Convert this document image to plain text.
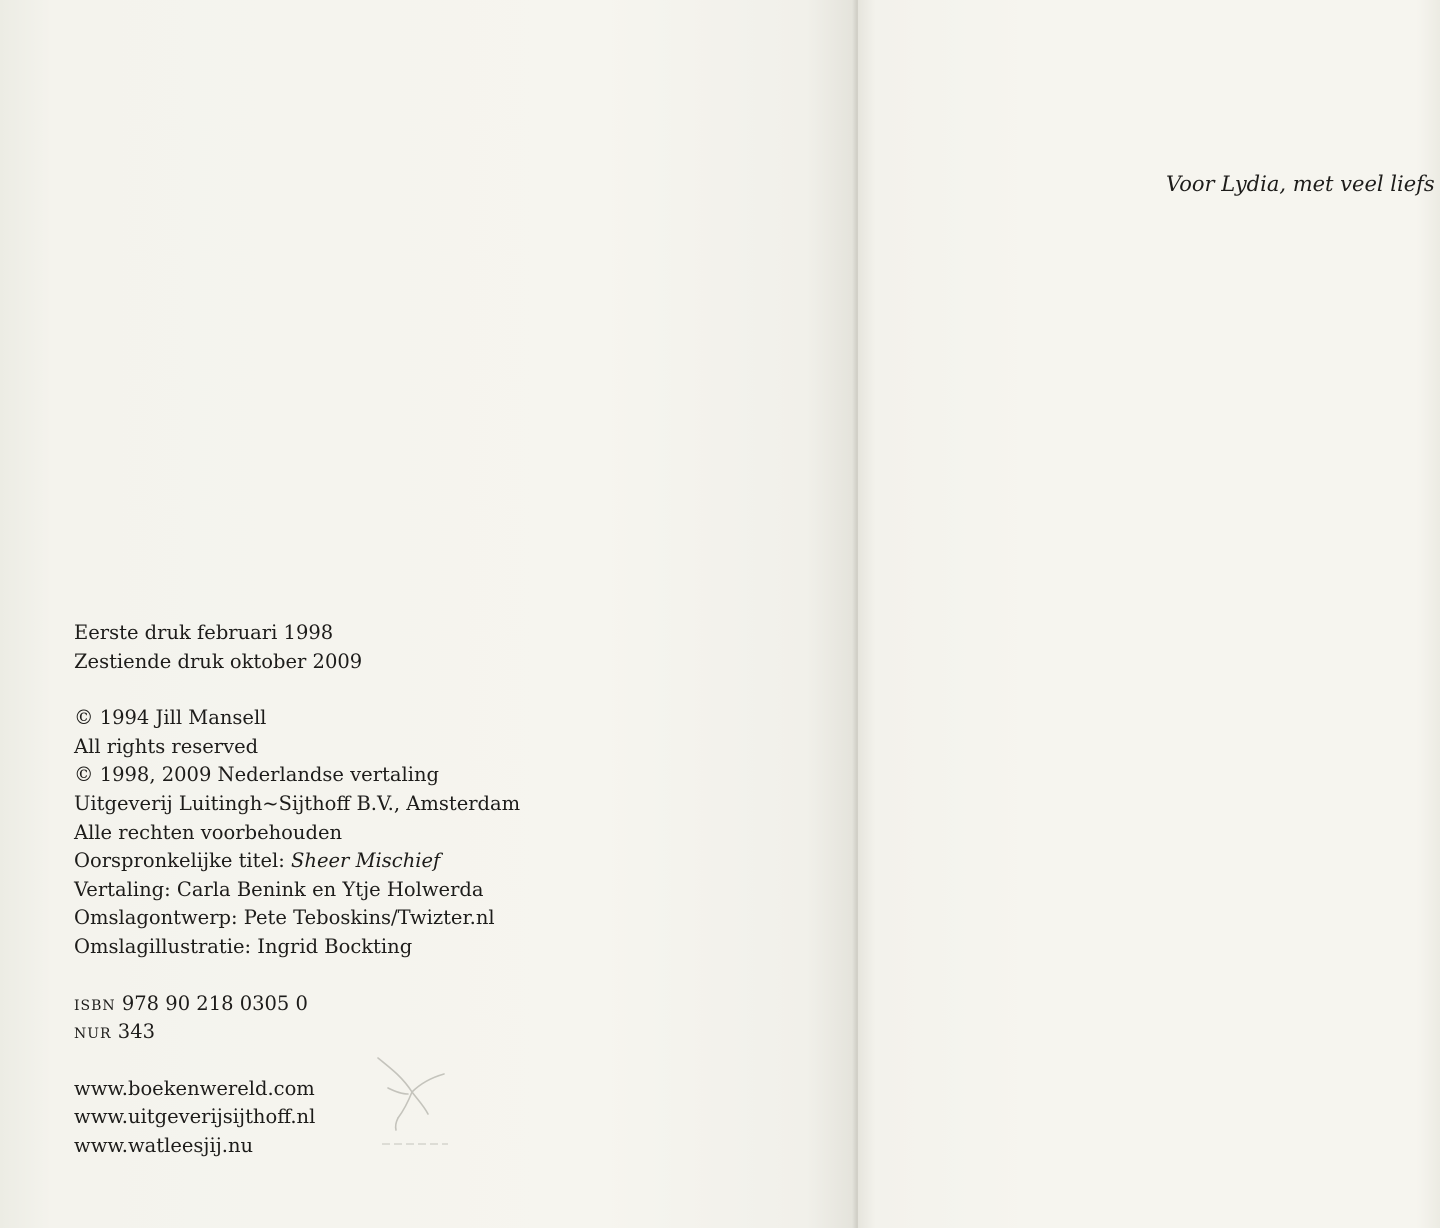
Eerste druk februari 1998
Zestiende druk oktober 2009
© 1994 Jill Mansell
All rights reserved
© 1998, 2009 Nederlandse vertaling
Uitgeverij Luitingh~Sijthoff B.V., Amsterdam
Alle rechten voorbehouden
Oorspronkelijke titel: Sheer Mischief
Vertaling: Carla Benink en Ytje Holwerda
Omslagontwerp: Pete Teboskins/Twizter.nl
Omslagillustratie: Ingrid Bockting
isbn 978 90 218 0305 0
nur 343
www.boekenwereld.com
www.uitgeverijsijthoff.nl
www.watleesjij.nu
Voor Lydia, met veel liefs
